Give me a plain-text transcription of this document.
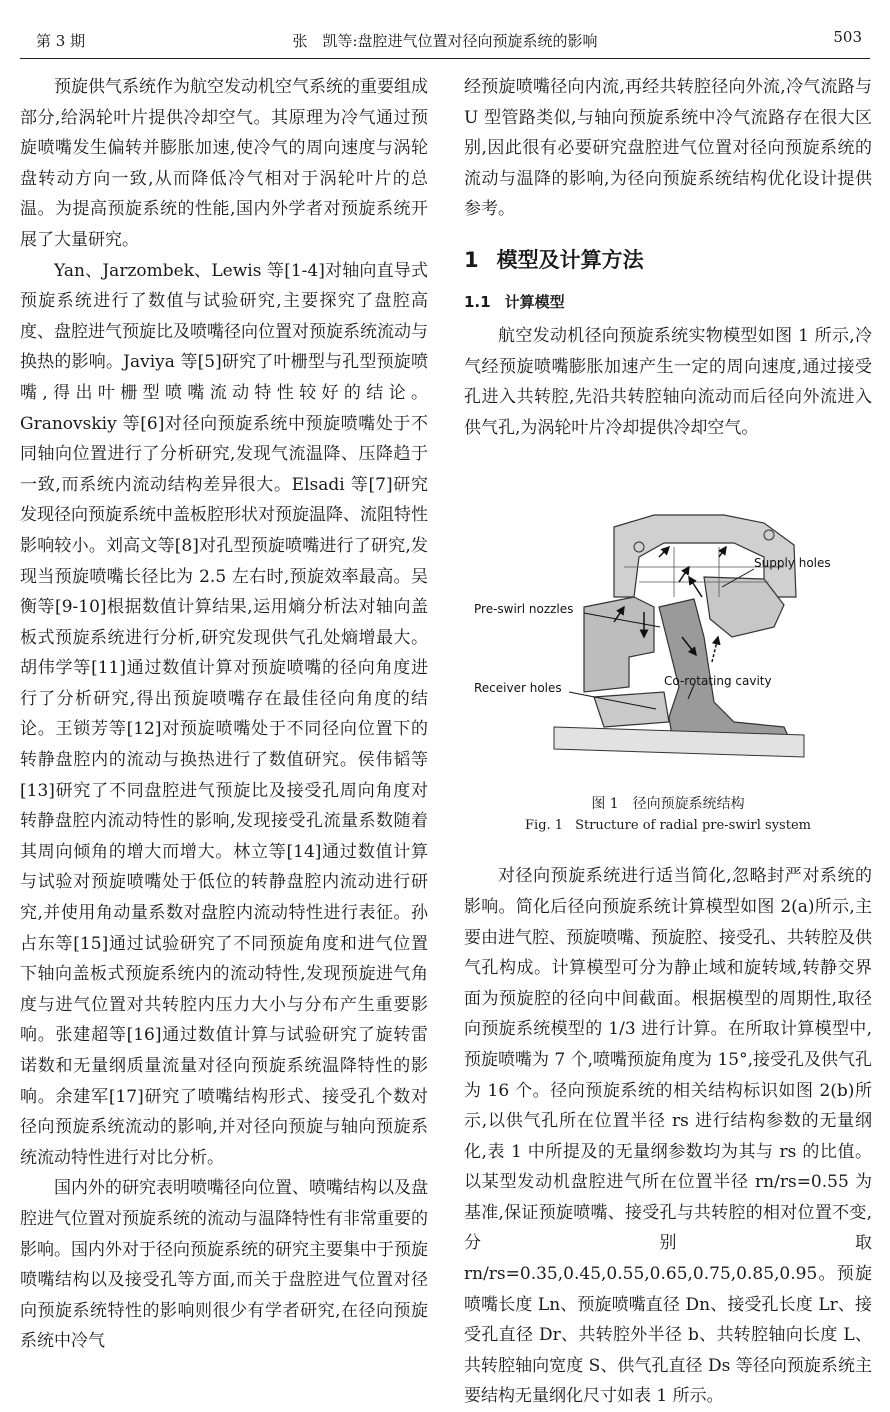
第 3 期	张　凯等:盘腔进气位置对径向预旋系统的影响	503

预旋供气系统作为航空发动机空气系统的重要组成部分,给涡轮叶片提供冷却空气。其原理为冷气通过预旋喷嘴发生偏转并膨胀加速,使冷气的周向速度与涡轮盘转动方向一致,从而降低冷气相对于涡轮叶片的总温。为提高预旋系统的性能,国内外学者对预旋系统开展了大量研究。

Yan、Jarzombek、Lewis 等[1-4]对轴向直导式预旋系统进行了数值与试验研究,主要探究了盘腔高度、盘腔进气预旋比及喷嘴径向位置对预旋系统流动与换热的影响。Javiya 等[5]研究了叶栅型与孔型预旋喷嘴,得出叶栅型喷嘴流动特性较好的结论。Granovskiy 等[6]对径向预旋系统中预旋喷嘴处于不同轴向位置进行了分析研究,发现气流温降、压降趋于一致,而系统内流动结构差异很大。Elsadi 等[7]研究发现径向预旋系统中盖板腔形状对预旋温降、流阻特性影响较小。刘高文等[8]对孔型预旋喷嘴进行了研究,发现当预旋喷嘴长径比为 2.5 左右时,预旋效率最高。吴衡等[9-10]根据数值计算结果,运用熵分析法对轴向盖板式预旋系统进行分析,研究发现供气孔处熵增最大。胡伟学等[11]通过数值计算对预旋喷嘴的径向角度进行了分析研究,得出预旋喷嘴存在最佳径向角度的结论。王锁芳等[12]对预旋喷嘴处于不同径向位置下的转静盘腔内的流动与换热进行了数值研究。侯伟韬等[13]研究了不同盘腔进气预旋比及接受孔周向角度对转静盘腔内流动特性的影响,发现接受孔流量系数随着其周向倾角的增大而增大。林立等[14]通过数值计算与试验对预旋喷嘴处于低位的转静盘腔内流动进行研究,并使用角动量系数对盘腔内流动特性进行表征。孙占东等[15]通过试验研究了不同预旋角度和进气位置下轴向盖板式预旋系统内的流动特性,发现预旋进气角度与进气位置对共转腔内压力大小与分布产生重要影响。张建超等[16]通过数值计算与试验研究了旋转雷诺数和无量纲质量流量对径向预旋系统温降特性的影响。余建军[17]研究了喷嘴结构形式、接受孔个数对径向预旋系统流动的影响,并对径向预旋与轴向预旋系统流动特性进行对比分析。

国内外的研究表明喷嘴径向位置、喷嘴结构以及盘腔进气位置对预旋系统的流动与温降特性有非常重要的影响。国内外对于径向预旋系统的研究主要集中于预旋喷嘴结构以及接受孔等方面,而关于盘腔进气位置对径向预旋系统特性的影响则很少有学者研究,在径向预旋系统中冷气

经预旋喷嘴径向内流,再经共转腔径向外流,冷气流路与 U 型管路类似,与轴向预旋系统中冷气流路存在很大区别,因此很有必要研究盘腔进气位置对径向预旋系统的流动与温降的影响,为径向预旋系统结构优化设计提供参考。

1 模型及计算方法
1.1 计算模型

航空发动机径向预旋系统实物模型如图 1 所示,冷气经预旋喷嘴膨胀加速产生一定的周向速度,通过接受孔进入共转腔,先沿共转腔轴向流动而后径向外流进入供气孔,为涡轮叶片冷却提供冷却空气。

Supply holes
Pre-swirl nozzles
Receiver holes	Co-rotating cavity
图 1　径向预旋系统结构
Fig. 1 Structure of radial pre-swirl system

对径向预旋系统进行适当简化,忽略封严对系统的影响。简化后径向预旋系统计算模型如图 2(a)所示,主要由进气腔、预旋喷嘴、预旋腔、接受孔、共转腔及供气孔构成。计算模型可分为静止域和旋转域,转静交界面为预旋腔的径向中间截面。根据模型的周期性,取径向预旋系统模型的 1/3 进行计算。在所取计算模型中,预旋喷嘴为 7 个,喷嘴预旋角度为 15°,接受孔及供气孔为 16 个。径向预旋系统的相关结构标识如图 2(b)所示,以供气孔所在位置半径 rs 进行结构参数的无量纲化,表 1 中所提及的无量纲参数均为其与 rs 的比值。以某型发动机盘腔进气所在位置半径 rn/rs=0.55 为基准,保证预旋喷嘴、接受孔与共转腔的相对位置不变,分别取 rn/rs=0.35,0.45,0.55,0.65,0.75,0.85,0.95。预旋喷嘴长度 Ln、预旋喷嘴直径 Dn、接受孔长度 Lr、接受孔直径 Dr、共转腔外半径 b、共转腔轴向长度 L、共转腔轴向宽度 S、供气孔直径 Ds 等径向预旋系统主要结构无量纲化尺寸如表 1 所示。
